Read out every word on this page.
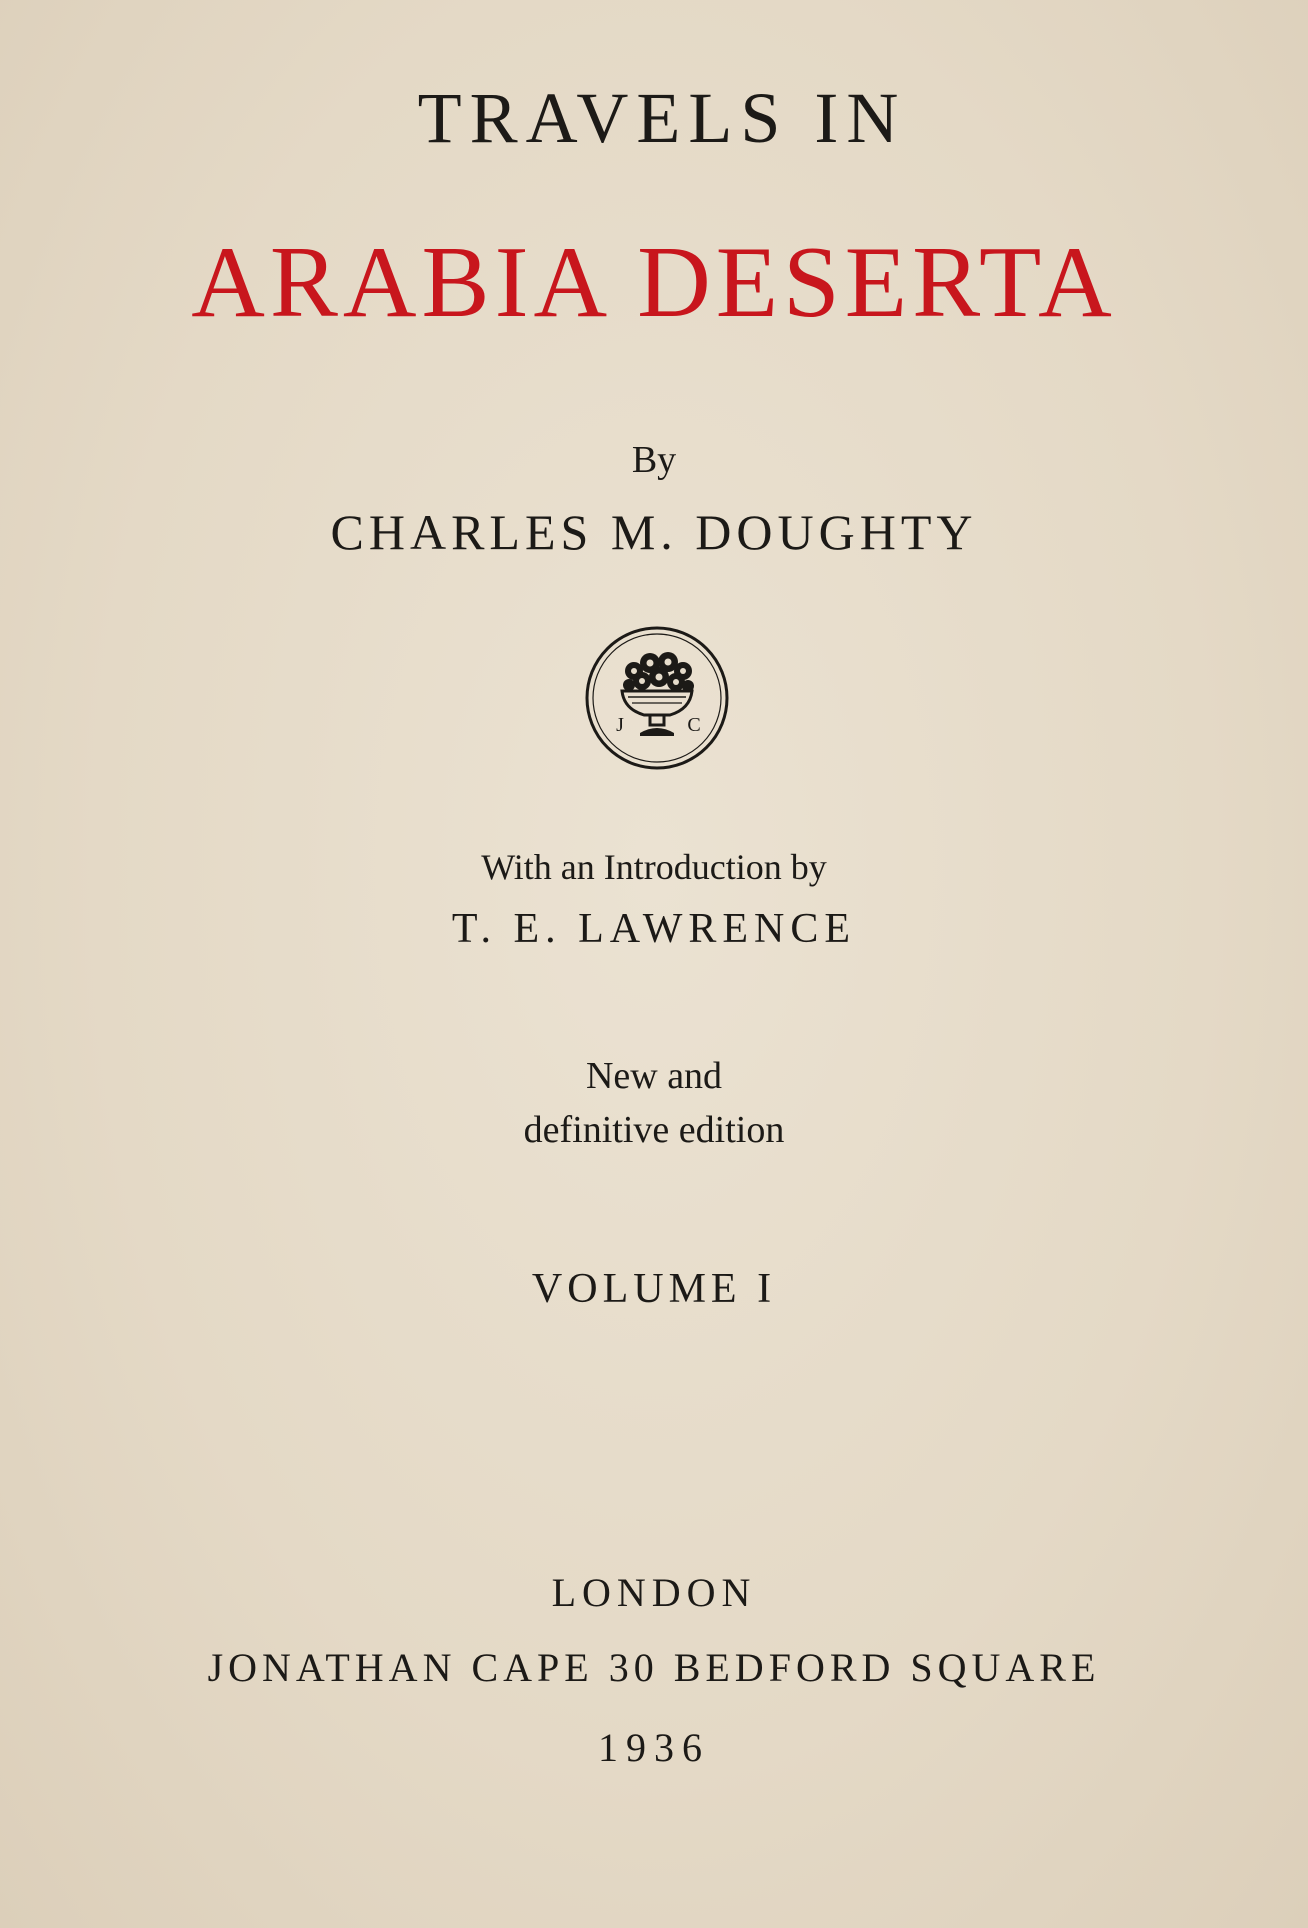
TRAVELS IN
ARABIA DESERTA
By
CHARLES M. DOUGHTY
J	C
With an Introduction by
T. E. LAWRENCE
New and
definitive edition
VOLUME I
LONDON
JONATHAN CAPE 30 BEDFORD SQUARE
1936
